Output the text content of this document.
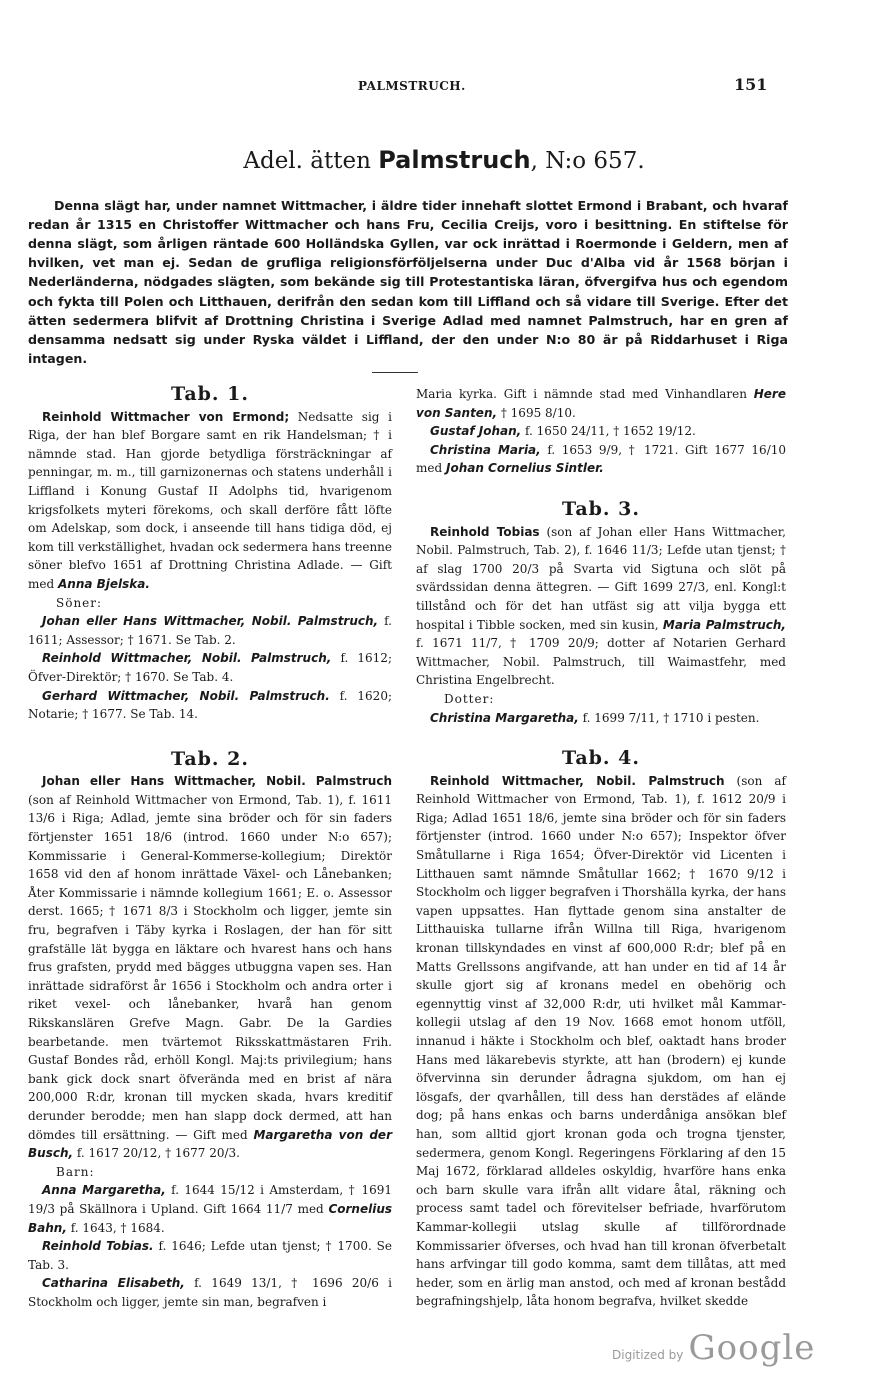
PALMSTRUCH.	151
Adel. ätten Palmstruch, N:o 657.

Denna slägt har, under namnet Wittmacher, i äldre tider innehaft slottet Ermond i Brabant, och hvaraf redan år 1315 en Christoffer Wittmacher och hans Fru, Cecilia Creijs, voro i besittning. En stiftelse för denna slägt, som årligen räntade 600 Holländska Gyllen, var ock inrättad i Roermonde i Geldern, men af hvilken, vet man ej. Sedan de grufliga religionsförföljelserna under Duc d'Alba vid år 1568 början i Nederländerna, nödgades slägten, som bekände sig till Protestantiska läran, öfvergifva hus och egendom och fykta till Polen och Litthauen, derifrån den sedan kom till Liffland och så vidare till Sverige. Efter det ätten sedermera blifvit af Drottning Christina i Sverige Adlad med namnet Palmstruch, har en gren af densamma nedsatt sig under Ryska väldet i Liffland, der den under N:o 80 är på Riddarhuset i Riga intagen.

Tab. 1.

Reinhold Wittmacher von Ermond; Nedsatte sig i Riga, der han blef Borgare samt en rik Handelsman; † i nämnde stad. Han gjorde betydliga försträckningar af penningar, m. m., till garnizonernas och statens underhåll i Liffland i Konung Gustaf II Adolphs tid, hvarigenom krigsfolkets myteri förekoms, och skall derföre fått löfte om Adelskap, som dock, i anseende till hans tidiga död, ej kom till verkställighet, hvadan ock sedermera hans treenne söner blefvo 1651 af Drottning Christina Adlade. — Gift med Anna Bjelska.

Söner:

Johan eller Hans Wittmacher, Nobil. Palmstruch, f. 1611; Assessor; † 1671. Se Tab. 2.

Reinhold Wittmacher, Nobil. Palmstruch, f. 1612; Öfver-Direktör; † 1670. Se Tab. 4.

Gerhard Wittmacher, Nobil. Palmstruch. f. 1620; Notarie; † 1677. Se Tab. 14.

Tab. 2.

Johan eller Hans Wittmacher, Nobil. Palmstruch (son af Reinhold Wittmacher von Ermond, Tab. 1), f. 1611 13/6 i Riga; Adlad, jemte sina bröder och för sin faders förtjenster 1651 18/6 (introd. 1660 under N:o 657); Kommissarie i General-Kommerse-kollegium; Direktör 1658 vid den af honom inrättade Växel- och Lånebanken; Åter Kommissarie i nämnde kollegium 1661; E. o. Assessor derst. 1665; † 1671 8/3 i Stockholm och ligger, jemte sin fru, begrafven i Täby kyrka i Roslagen, der han för sitt grafställe lät bygga en läktare och hvarest hans och hans frus grafsten, prydd med bägges utbuggna vapen ses. Han inrättade sidraförst år 1656 i Stockholm och andra orter i riket vexel- och lånebanker, hvarå han genom Rikskanslären Grefve Magn. Gabr. De la Gardies bearbetande. men tvärtemot Riksskattmästaren Frih. Gustaf Bondes råd, erhöll Kongl. Maj:ts privilegium; hans bank gick dock snart öfverända med en brist af nära 200,000 R:dr, kronan till mycken skada, hvars kreditif derunder berodde; men han slapp dock dermed, att han dömdes till ersättning. — Gift med Margaretha von der Busch, f. 1617 20/12, † 1677 20/3.

Barn:

Anna Margaretha, f. 1644 15/12 i Amsterdam, † 1691 19/3 på Skällnora i Upland. Gift 1664 11/7 med Cornelius Bahn, f. 1643, † 1684.

Reinhold Tobias. f. 1646; Lefde utan tjenst; † 1700. Se Tab. 3.

Catharina Elisabeth, f. 1649 13/1, † 1696 20/6 i Stockholm och ligger, jemte sin man, begrafven i

Maria kyrka. Gift i nämnde stad med Vinhandlaren Here von Santen, † 1695 8/10.

Gustaf Johan, f. 1650 24/11, † 1652 19/12.

Christina Maria, f. 1653 9/9, † 1721. Gift 1677 16/10 med Johan Cornelius Sintler.

Tab. 3.

Reinhold Tobias (son af Johan eller Hans Wittmacher, Nobil. Palmstruch, Tab. 2), f. 1646 11/3; Lefde utan tjenst; † af slag 1700 20/3 på Svarta vid Sigtuna och slöt på svärdssidan denna ättegren. — Gift 1699 27/3, enl. Kongl:t tillstånd och för det han utfäst sig att vilja bygga ett hospital i Tibble socken, med sin kusin, Maria Palmstruch, f. 1671 11/7, † 1709 20/9; dotter af Notarien Gerhard Wittmacher, Nobil. Palmstruch, till Waimastfehr, med Christina Engelbrecht.

Dotter:

Christina Margaretha, f. 1699 7/11, † 1710 i pesten.

Tab. 4.

Reinhold Wittmacher, Nobil. Palmstruch (son af Reinhold Wittmacher von Ermond, Tab. 1), f. 1612 20/9 i Riga; Adlad 1651 18/6, jemte sina bröder och för sin faders förtjenster (introd. 1660 under N:o 657); Inspektor öfver Småtullarne i Riga 1654; Öfver-Direktör vid Licenten i Litthauen samt nämnde Småtullar 1662; † 1670 9/12 i Stockholm och ligger begrafven i Thorshälla kyrka, der hans vapen uppsattes. Han flyttade genom sina anstalter de Litthauiska tullarne ifrån Willna till Riga, hvarigenom kronan tillskyndades en vinst af 600,000 R:dr; blef på en Matts Grellssons angifvande, att han under en tid af 14 år skulle gjort sig af kronans medel en obehörig och egennyttig vinst af 32,000 R:dr, uti hvilket mål Kammar-kollegii utslag af den 19 Nov. 1668 emot honom utföll, innanud i häkte i Stockholm och blef, oaktadt hans broder Hans med läkarebevis styrkte, att han (brodern) ej kunde öfvervinna sin derunder ådragna sjukdom, om han ej lösgafs, der qvarhållen, till dess han derstädes af elände dog; på hans enkas och barns underdåniga ansökan blef han, som alltid gjort kronan goda och trogna tjenster, sedermera, genom Kongl. Regeringens Förklaring af den 15 Maj 1672, förklarad alldeles oskyldig, hvarföre hans enka och barn skulle vara ifrån allt vidare åtal, räkning och process samt tadel och förevitelser befriade, hvarförutom Kammar-kollegii utslag skulle af tillförordnade Kommissarier öfverses, och hvad han till kronan öfverbetalt hans arfvingar till godo komma, samt dem tillåtas, att med heder, som en ärlig man anstod, och med af kronan bestådd begrafningshjelp, låta honom begrafva, hvilket skedde

Digitized by Google
